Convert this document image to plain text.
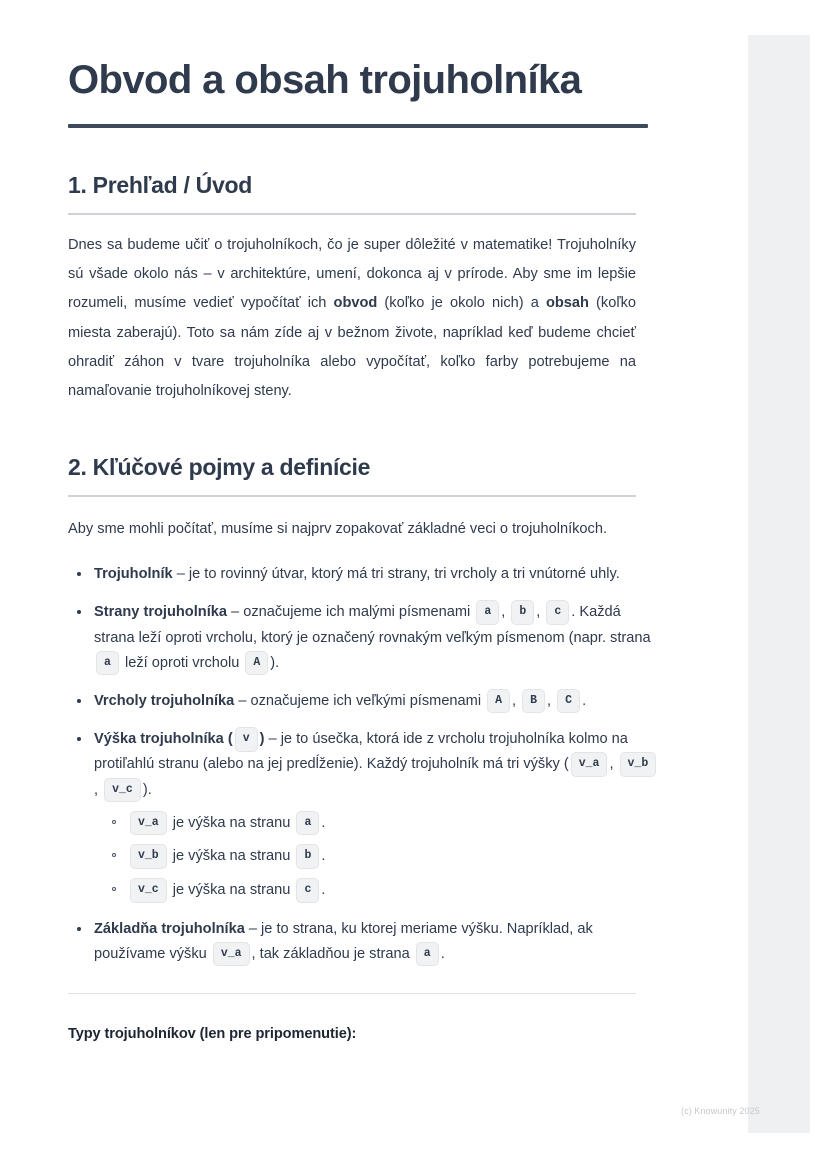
Obvod a obsah trojuholníka
1. Prehľad / Úvod

Dnes sa budeme učiť o trojuholníkoch, čo je super dôležité v matematike! Trojuholníky sú všade okolo nás – v architektúre, umení, dokonca aj v prírode. Aby sme im lepšie rozumeli, musíme vedieť vypočítať ich obvod (koľko je okolo nich) a obsah (koľko miesta zaberajú). Toto sa nám zíde aj v bežnom živote, napríklad keď budeme chcieť ohradiť záhon v tvare trojuholníka alebo vypočítať, koľko farby potrebujeme na namaľovanie trojuholníkovej steny.

2. Kľúčové pojmy a definície

Aby sme mohli počítať, musíme si najprv zopakovať základné veci o trojuholníkoch.

Trojuholník – je to rovinný útvar, ktorý má tri strany, tri vrcholy a tri vnútorné uhly.
Strany trojuholníka – označujeme ich malými písmenami a , b , c . Každá strana leží oproti vrcholu, ktorý je označený rovnakým veľkým písmenom (napr. strana a leží oproti vrcholu A ).
Vrcholy trojuholníka – označujeme ich veľkými písmenami A , B , C .
Výška trojuholníka ( v ) – je to úsečka, ktorá ide z vrcholu trojuholníka kolmo na protiľahlú stranu (alebo na jej predĺženie). Každý trojuholník má tri výšky ( v_a , v_b, v_c ).
v_a je výška na stranu a .
v_b je výška na stranu b .
v_c je výška na stranu c .
Základňa trojuholníka – je to strana, ku ktorej meriame výšku. Napríklad, ak používame výšku v_a , tak základňou je strana a .
Typy trojuholníkov (len pre pripomenutie):
(c) Knowunity 2025
